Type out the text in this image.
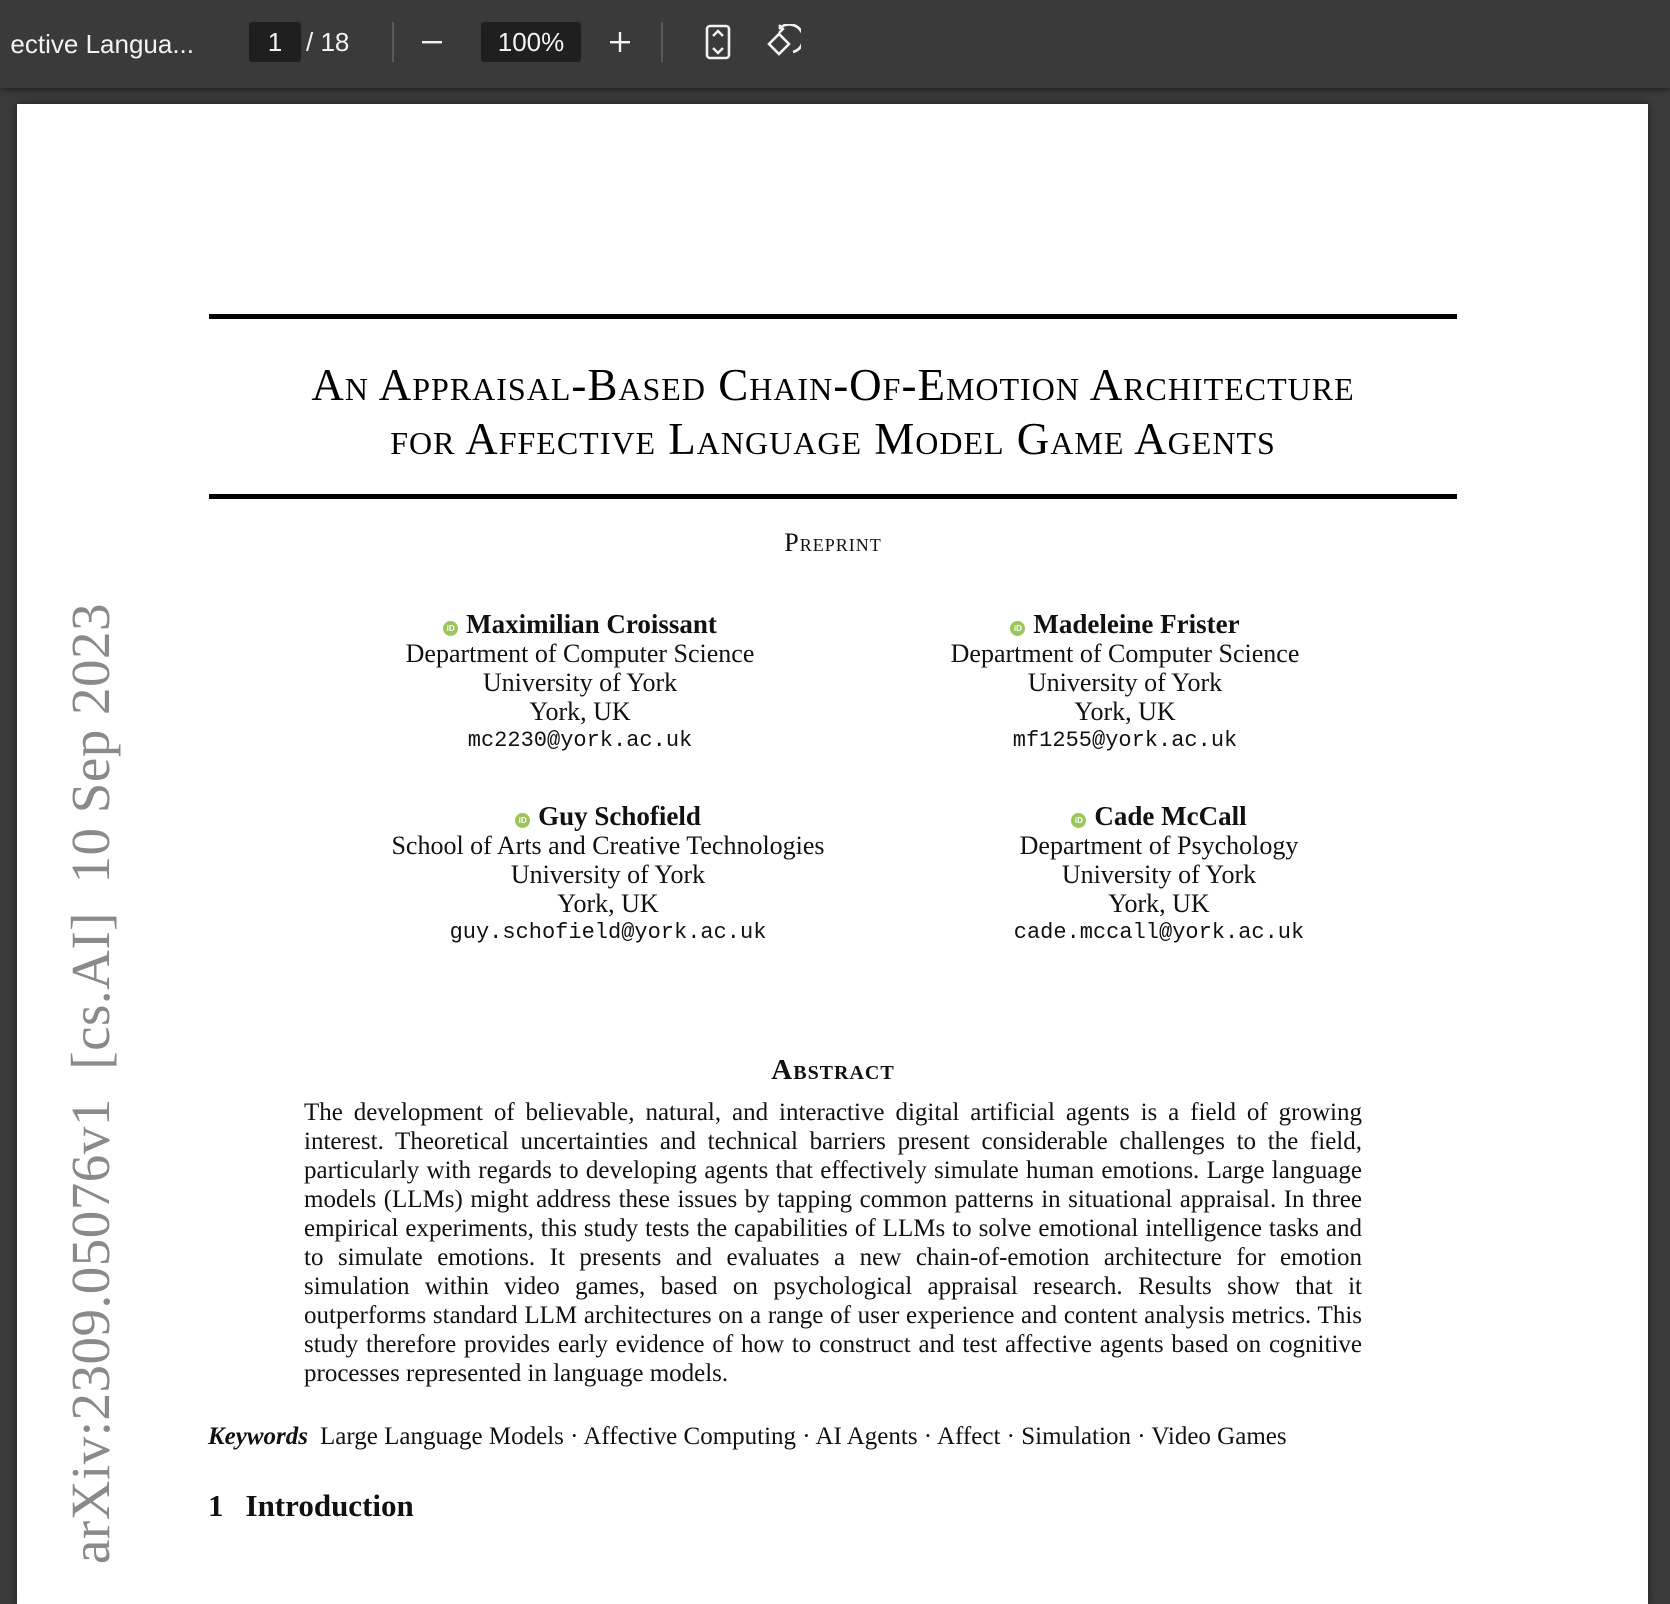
ective Langua...	1 / 18	100%
arXiv:2309.05076v1  [cs.AI]  10 Sep 2023
An Appraisal-Based Chain-Of-Emotion Architecture
for Affective Language Model Game Agents
Preprint
iD Maximilian Croissant
Department of Computer Science
University of York
York, UK
mc2230@york.ac.uk
iD Madeleine Frister
Department of Computer Science
University of York
York, UK
mf1255@york.ac.uk
iD Guy Schofield
School of Arts and Creative Technologies
University of York
York, UK
guy.schofield@york.ac.uk
iD Cade McCall
Department of Psychology
University of York
York, UK
cade.mccall@york.ac.uk
Abstract
The development of believable, natural, and interactive digital artificial agents is a field of growing interest. Theoretical uncertainties and technical barriers present considerable challenges to the field, particularly with regards to developing agents that effectively simulate human emotions. Large language models (LLMs) might address these issues by tapping common patterns in situational appraisal. In three empirical experiments, this study tests the capabilities of LLMs to solve emotional intelligence tasks and to simulate emotions. It presents and evaluates a new chain-of-emotion architecture for emotion simulation within video games, based on psychological appraisal research. Results show that it outperforms standard LLM architectures on a range of user experience and content analysis metrics. This study therefore provides early evidence of how to construct and test affective agents based on cognitive processes represented in language models.
Keywords Large Language Models · Affective Computing · AI Agents · Affect · Simulation · Video Games
1 Introduction
